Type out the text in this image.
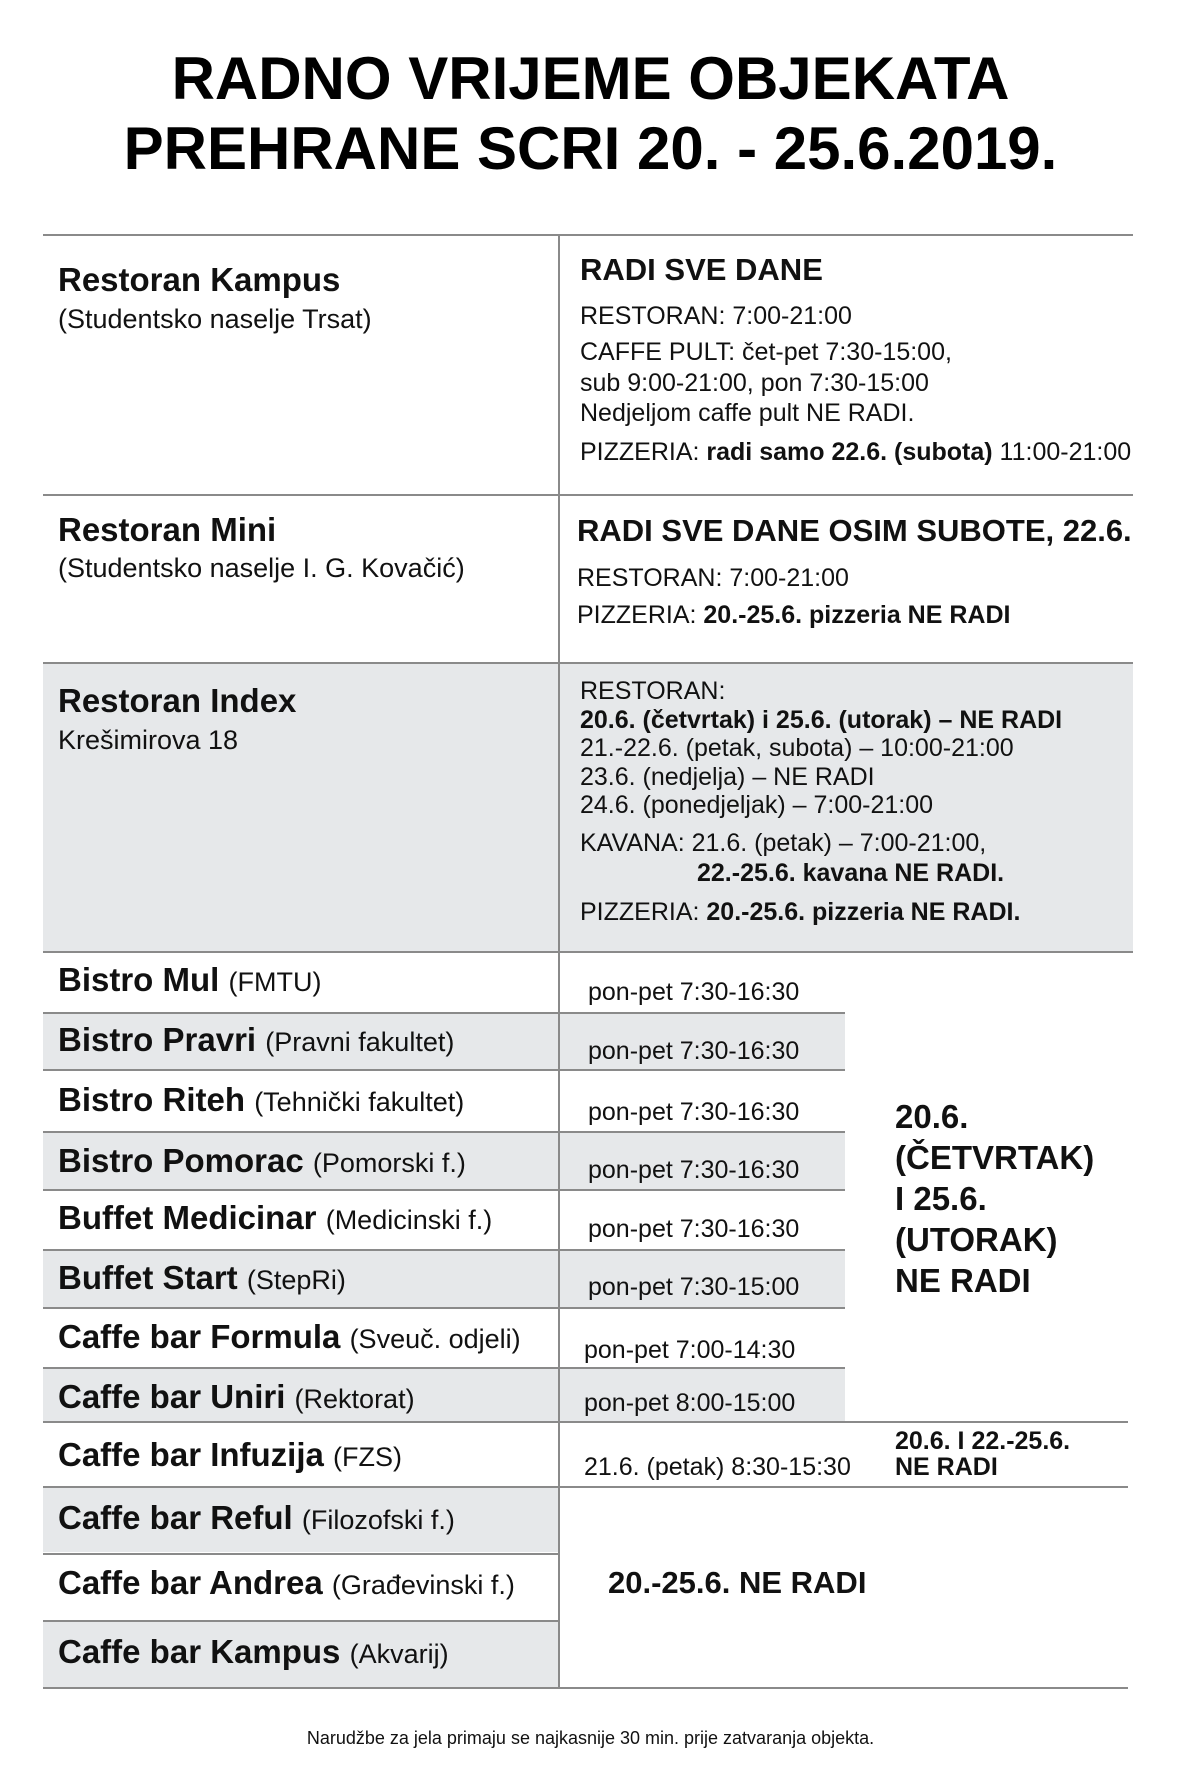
RADNO VRIJEME OBJEKATA
PREHRANE SCRI 20. - 25.6.2019.
Restoran Kampus
(Studentsko naselje Trsat)
RADI SVE DANE
RESTORAN: 7:00-21:00
CAFFE PULT: čet-pet 7:30-15:00,
sub 9:00-21:00, pon 7:30-15:00
Nedjeljom caffe pult NE RADI.
PIZZERIA: radi samo 22.6. (subota) 11:00-21:00
Restoran Mini
(Studentsko naselje I. G. Kovačić)
RADI SVE DANE OSIM SUBOTE, 22.6.
RESTORAN: 7:00-21:00
PIZZERIA: 20.-25.6. pizzeria NE RADI
Restoran Index
Krešimirova 18
RESTORAN:
20.6. (četvrtak) i 25.6. (utorak) – NE RADI
21.-22.6. (petak, subota) – 10:00-21:00
23.6. (nedjelja) – NE RADI
24.6. (ponedjeljak) – 7:00-21:00
KAVANA: 21.6. (petak) – 7:00-21:00,
22.-25.6. kavana NE RADI.
PIZZERIA: 20.-25.6. pizzeria NE RADI.
Bistro Mul (FMTU)
Bistro Pravri (Pravni fakultet)
Bistro Riteh (Tehnički fakultet)
Bistro Pomorac (Pomorski f.)
Buffet Medicinar (Medicinski f.)
Buffet Start (StepRi)
Caffe bar Formula (Sveuč. odjeli)
Caffe bar Uniri (Rektorat)
Caffe bar Infuzija (FZS)
Caffe bar Reful (Filozofski f.)
Caffe bar Andrea (Građevinski f.)
Caffe bar Kampus (Akvarij)
pon-pet 7:30-16:30
pon-pet 7:30-16:30
pon-pet 7:30-16:30
pon-pet 7:30-16:30
pon-pet 7:30-16:30
pon-pet 7:30-15:00
pon-pet 7:00-14:30
pon-pet 8:00-15:00
21.6. (petak) 8:30-15:30
20.6.
(ČETVRTAK)
I 25.6.
(UTORAK)
NE RADI
20.6. I 22.-25.6.
NE RADI
20.-25.6. NE RADI
Narudžbe za jela primaju se najkasnije 30 min. prije zatvaranja objekta.
